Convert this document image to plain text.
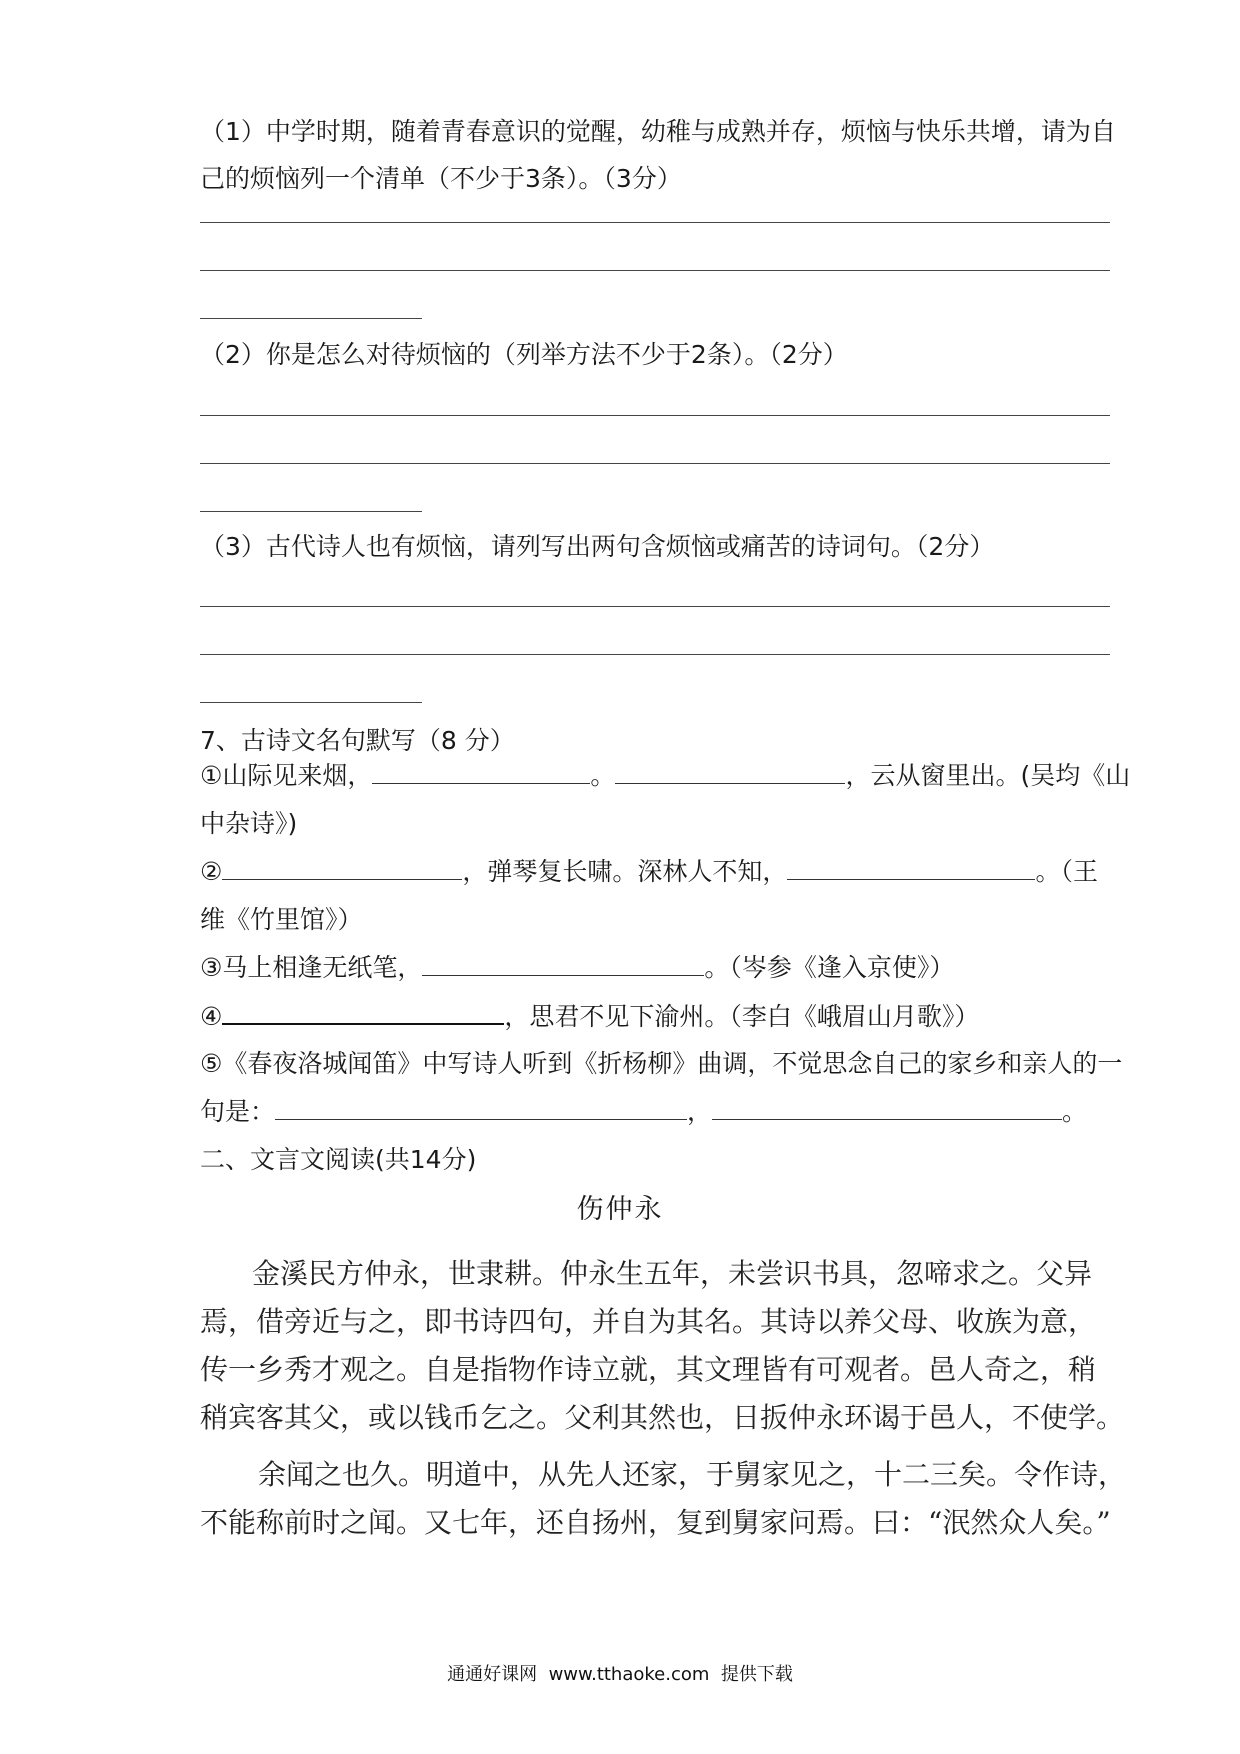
（1）中学时期，随着青春意识的觉醒，幼稚与成熟并存，烦恼与快乐共增，请为自
己的烦恼列一个清单（不少于3条）。（3分）
（2）你是怎么对待烦恼的（列举方法不少于2条）。（2分）
（3）古代诗人也有烦恼，请列写出两句含烦恼或痛苦的诗词句。（2分）
7、古诗文名句默写（8 分）
①山际见来烟，	。	，云从窗里出。(吴均《山
中杂诗》)
②	，弹琴复长啸。深林人不知，	。（王
维《竹里馆》）
③马上相逢无纸笔，	。（岑参《逢入京使》）
④	，思君不见下渝州。（李白《峨眉山月歌》）
⑤《春夜洛城闻笛》中写诗人听到《折杨柳》曲调，不觉思念自己的家乡和亲人的一
句是：	，	。
二、文言文阅读(共14分)
伤仲永
金溪民方仲永，世隶耕。仲永生五年，未尝识书具，忽啼求之。父异
焉，借旁近与之，即书诗四句，并自为其名。其诗以养父母、收族为意，
传一乡秀才观之。自是指物作诗立就，其文理皆有可观者。邑人奇之，稍
稍宾客其父，或以钱币乞之。父利其然也，日扳仲永环谒于邑人，不使学。
余闻之也久。明道中，从先人还家，于舅家见之，十二三矣。令作诗，
不能称前时之闻。又七年，还自扬州，复到舅家问焉。曰：“泯然众人矣。”
通通好课网 www.tthaoke.com 提供下载
